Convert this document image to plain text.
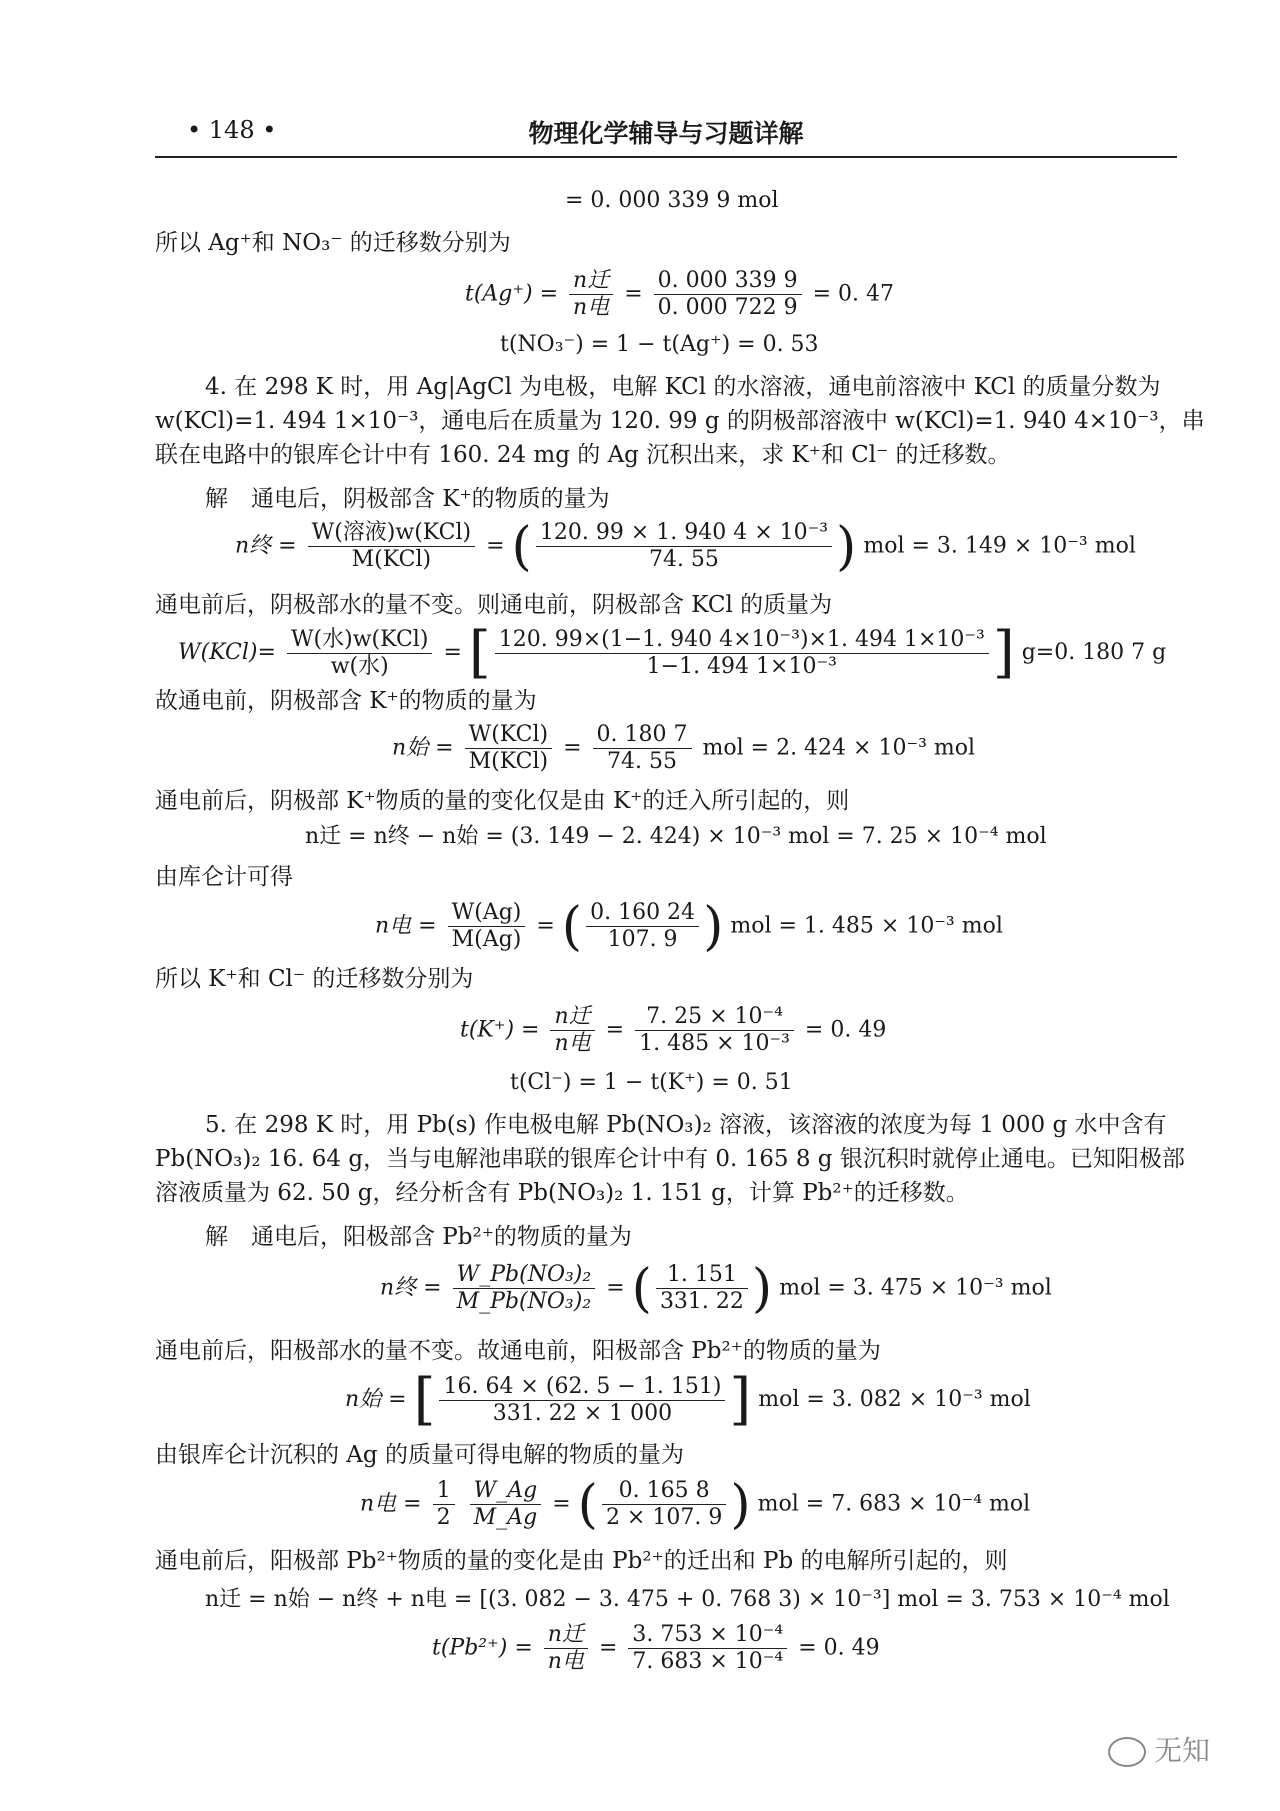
• 148 •	物理化学辅导与习题详解
= 0. 000 339 9 mol
所以 Ag⁺和 NO₃⁻ 的迁移数分别为
$t(Ag^+) = \frac{\text{n迁}}{\text{n电}} = \frac{0. 000 339 9}{0. 000 722 9} = 0$. 47
t(NO₃⁻) = 1 − t(Ag⁺) = 0. 53
4. 在 298 K 时，用 Ag|AgCl 为电极，电解 KCl 的水溶液，通电前溶液中 KCl 的质量分数为
w(KCl)=1. 494 1×10⁻³，通电后在质量为 120. 99 g 的阴极部溶液中 w(KCl)=1. 940 4×10⁻³，串
联在电路中的银库仑计中有 160. 24 mg 的 Ag 沉积出来，求 K⁺和 Cl⁻ 的迁移数。
解　通电后，阴极部含 K⁺的物质的量为
n终 = $\frac{\text{W(溶液)w(KCl)}}{\text{M(KCl)}}$ = ( $\frac{\text{120. 99 × 1. 940 4 × 10⁻³}}{74. 55}$ ) mol = 3. 149 × 10⁻³ mol
通电前后，阴极部水的量不变。则通电前，阴极部含 KCl 的质量为
$W(KCl)= \frac{\text{W(水)w(KCl)}}{\text{w(水)}}$ = [ $\frac{\text{120. 99×(1−1. 940 4×10⁻³)×1. 494 1×10⁻³}}{\text{1−1. 494 1×10⁻³}}$ ] g=0. 180 7 g
故通电前，阴极部含 K⁺的物质的量为
n始 = $\frac{\text{W(KCl)}}{\text{M(KCl)}} = \frac{0. 180 7}{74. 55}$ mol = 2. 424 × 10⁻³ mol
通电前后，阴极部 K⁺物质的量的变化仅是由 K⁺的迁入所引起的，则
n迁 = n终 − n始 = (3. 149 − 2. 424) × 10⁻³ mol = 7. 25 × 10⁻⁴ mol
由库仑计可得
n电 = $\frac{W(Ag)}{M(Ag)}$ = ( $\frac{0. 160 24}{107. 9}$ ) mol = 1. 485 × 10⁻³ mol
所以 K⁺和 Cl⁻ 的迁移数分别为
$t(K^+) = \frac{\text{n迁}}{\text{n电}} = \frac{\text{7. 25 × 10⁻⁴}}{\text{1. 485 × 10⁻³}} = 0$. 49
t(Cl⁻) = 1 − t(K⁺) = 0. 51
5. 在 298 K 时，用 Pb(s) 作电极电解 Pb(NO₃)₂ 溶液，该溶液的浓度为每 1 000 g 水中含有
Pb(NO₃)₂ 16. 64 g，当与电解池串联的银库仑计中有 0. 165 8 g 银沉积时就停止通电。已知阳极部
溶液质量为 62. 50 g，经分析含有 Pb(NO₃)₂ 1. 151 g，计算 Pb²⁺的迁移数。
解　通电后，阳极部含 Pb²⁺的物质的量为
n终 = $\frac{\text{W\_Pb(NO₃)₂}}{\text{M\_Pb(NO₃)₂}}$ = ( $\frac{1. 151}{331. 22}$ ) mol = 3. 475 × 10⁻³ mol
通电前后，阳极部水的量不变。故通电前，阳极部含 Pb²⁺的物质的量为
n始 = [ $\frac{16. 64 \times (62. 5 - 1. 151)}{331. 22 \times 1 000}$ ] mol = 3. 082 × 10⁻³ mol
由银库仑计沉积的 Ag 的质量可得电解的物质的量为
n电 = $\frac{1}{2}$
$\frac{W\_Ag}{M\_Ag}$ = ( $\frac{0. 165 8}{2 \times 107. 9}$ ) mol = 7. 683 × 10⁻⁴ mol
通电前后，阳极部 Pb²⁺物质的量的变化是由 Pb²⁺的迁出和 Pb 的电解所引起的，则
n迁 = n始 − n终 + n电 = [(3. 082 − 3. 475 + 0. 768 3) × 10⁻³] mol = 3. 753 × 10⁻⁴ mol
$t(Pb^{2+}) = \frac{\text{n迁}}{\text{n电}} = \frac{\text{3. 753 × 10⁻⁴}}{\text{7. 683 × 10⁻⁴}} = 0$. 49
无知
